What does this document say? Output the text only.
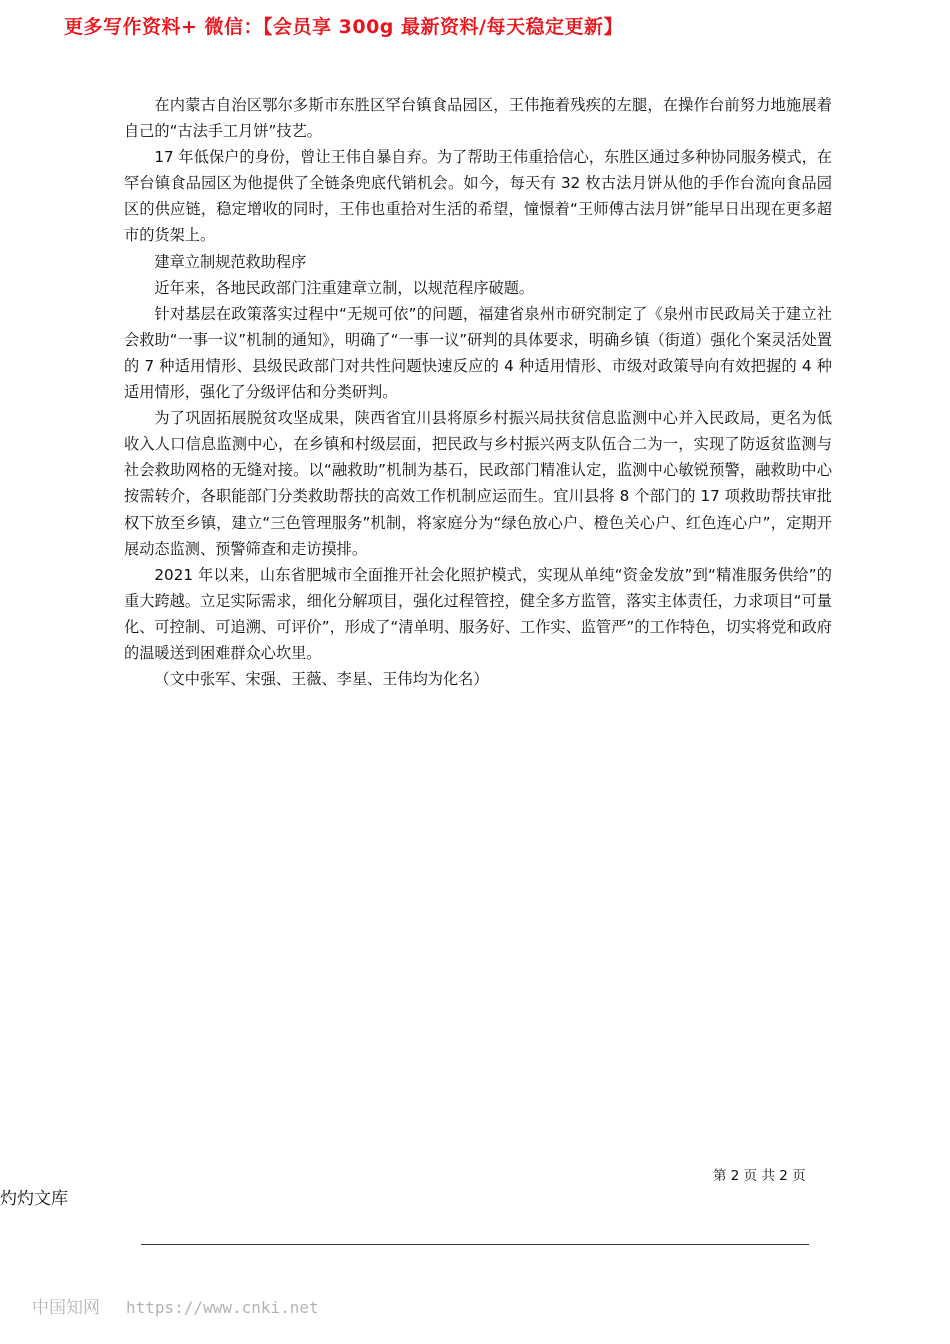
更多写作资料+ 微信：【会员享 300g 最新资料/每天稳定更新】

在内蒙古自治区鄂尔多斯市东胜区罕台镇食品园区，王伟拖着残疾的左腿，在操作台前努力地施展着自己的“古法手工月饼”技艺。

17 年低保户的身份，曾让王伟自暴自弃。为了帮助王伟重拾信心，东胜区通过多种协同服务模式，在罕台镇食品园区为他提供了全链条兜底代销机会。如今，每天有 32 枚古法月饼从他的手作台流向食品园区的供应链，稳定增收的同时，王伟也重拾对生活的希望，憧憬着“王师傅古法月饼”能早日出现在更多超市的货架上。

建章立制规范救助程序

近年来，各地民政部门注重建章立制，以规范程序破题。

针对基层在政策落实过程中“无规可依”的问题，福建省泉州市研究制定了《泉州市民政局关于建立社会救助“一事一议”机制的通知》，明确了“一事一议”研判的具体要求，明确乡镇（街道）强化个案灵活处置的 7 种适用情形、县级民政部门对共性问题快速反应的 4 种适用情形、市级对政策导向有效把握的 4 种适用情形，强化了分级评估和分类研判。

为了巩固拓展脱贫攻坚成果，陕西省宜川县将原乡村振兴局扶贫信息监测中心并入民政局，更名为低收入人口信息监测中心，在乡镇和村级层面，把民政与乡村振兴两支队伍合二为一，实现了防返贫监测与社会救助网格的无缝对接。以“融救助”机制为基石，民政部门精准认定，监测中心敏锐预警，融救助中心按需转介，各职能部门分类救助帮扶的高效工作机制应运而生。宜川县将 8 个部门的 17 项救助帮扶审批权下放至乡镇，建立“三色管理服务”机制，将家庭分为“绿色放心户、橙色关心户、红色连心户”，定期开展动态监测、预警筛查和走访摸排。

2021 年以来，山东省肥城市全面推开社会化照护模式，实现从单纯“资金发放”到“精准服务供给”的重大跨越。立足实际需求，细化分解项目，强化过程管控，健全多方监管，落实主体责任，力求项目“可量化、可控制、可追溯、可评价”，形成了“清单明、服务好、工作实、监管严”的工作特色，切实将党和政府的温暖送到困难群众心坎里。

（文中张军、宋强、王薇、李星、王伟均为化名）

第 2 页 共 2 页
灼灼文库
中国知网 https://www.cnki.net
